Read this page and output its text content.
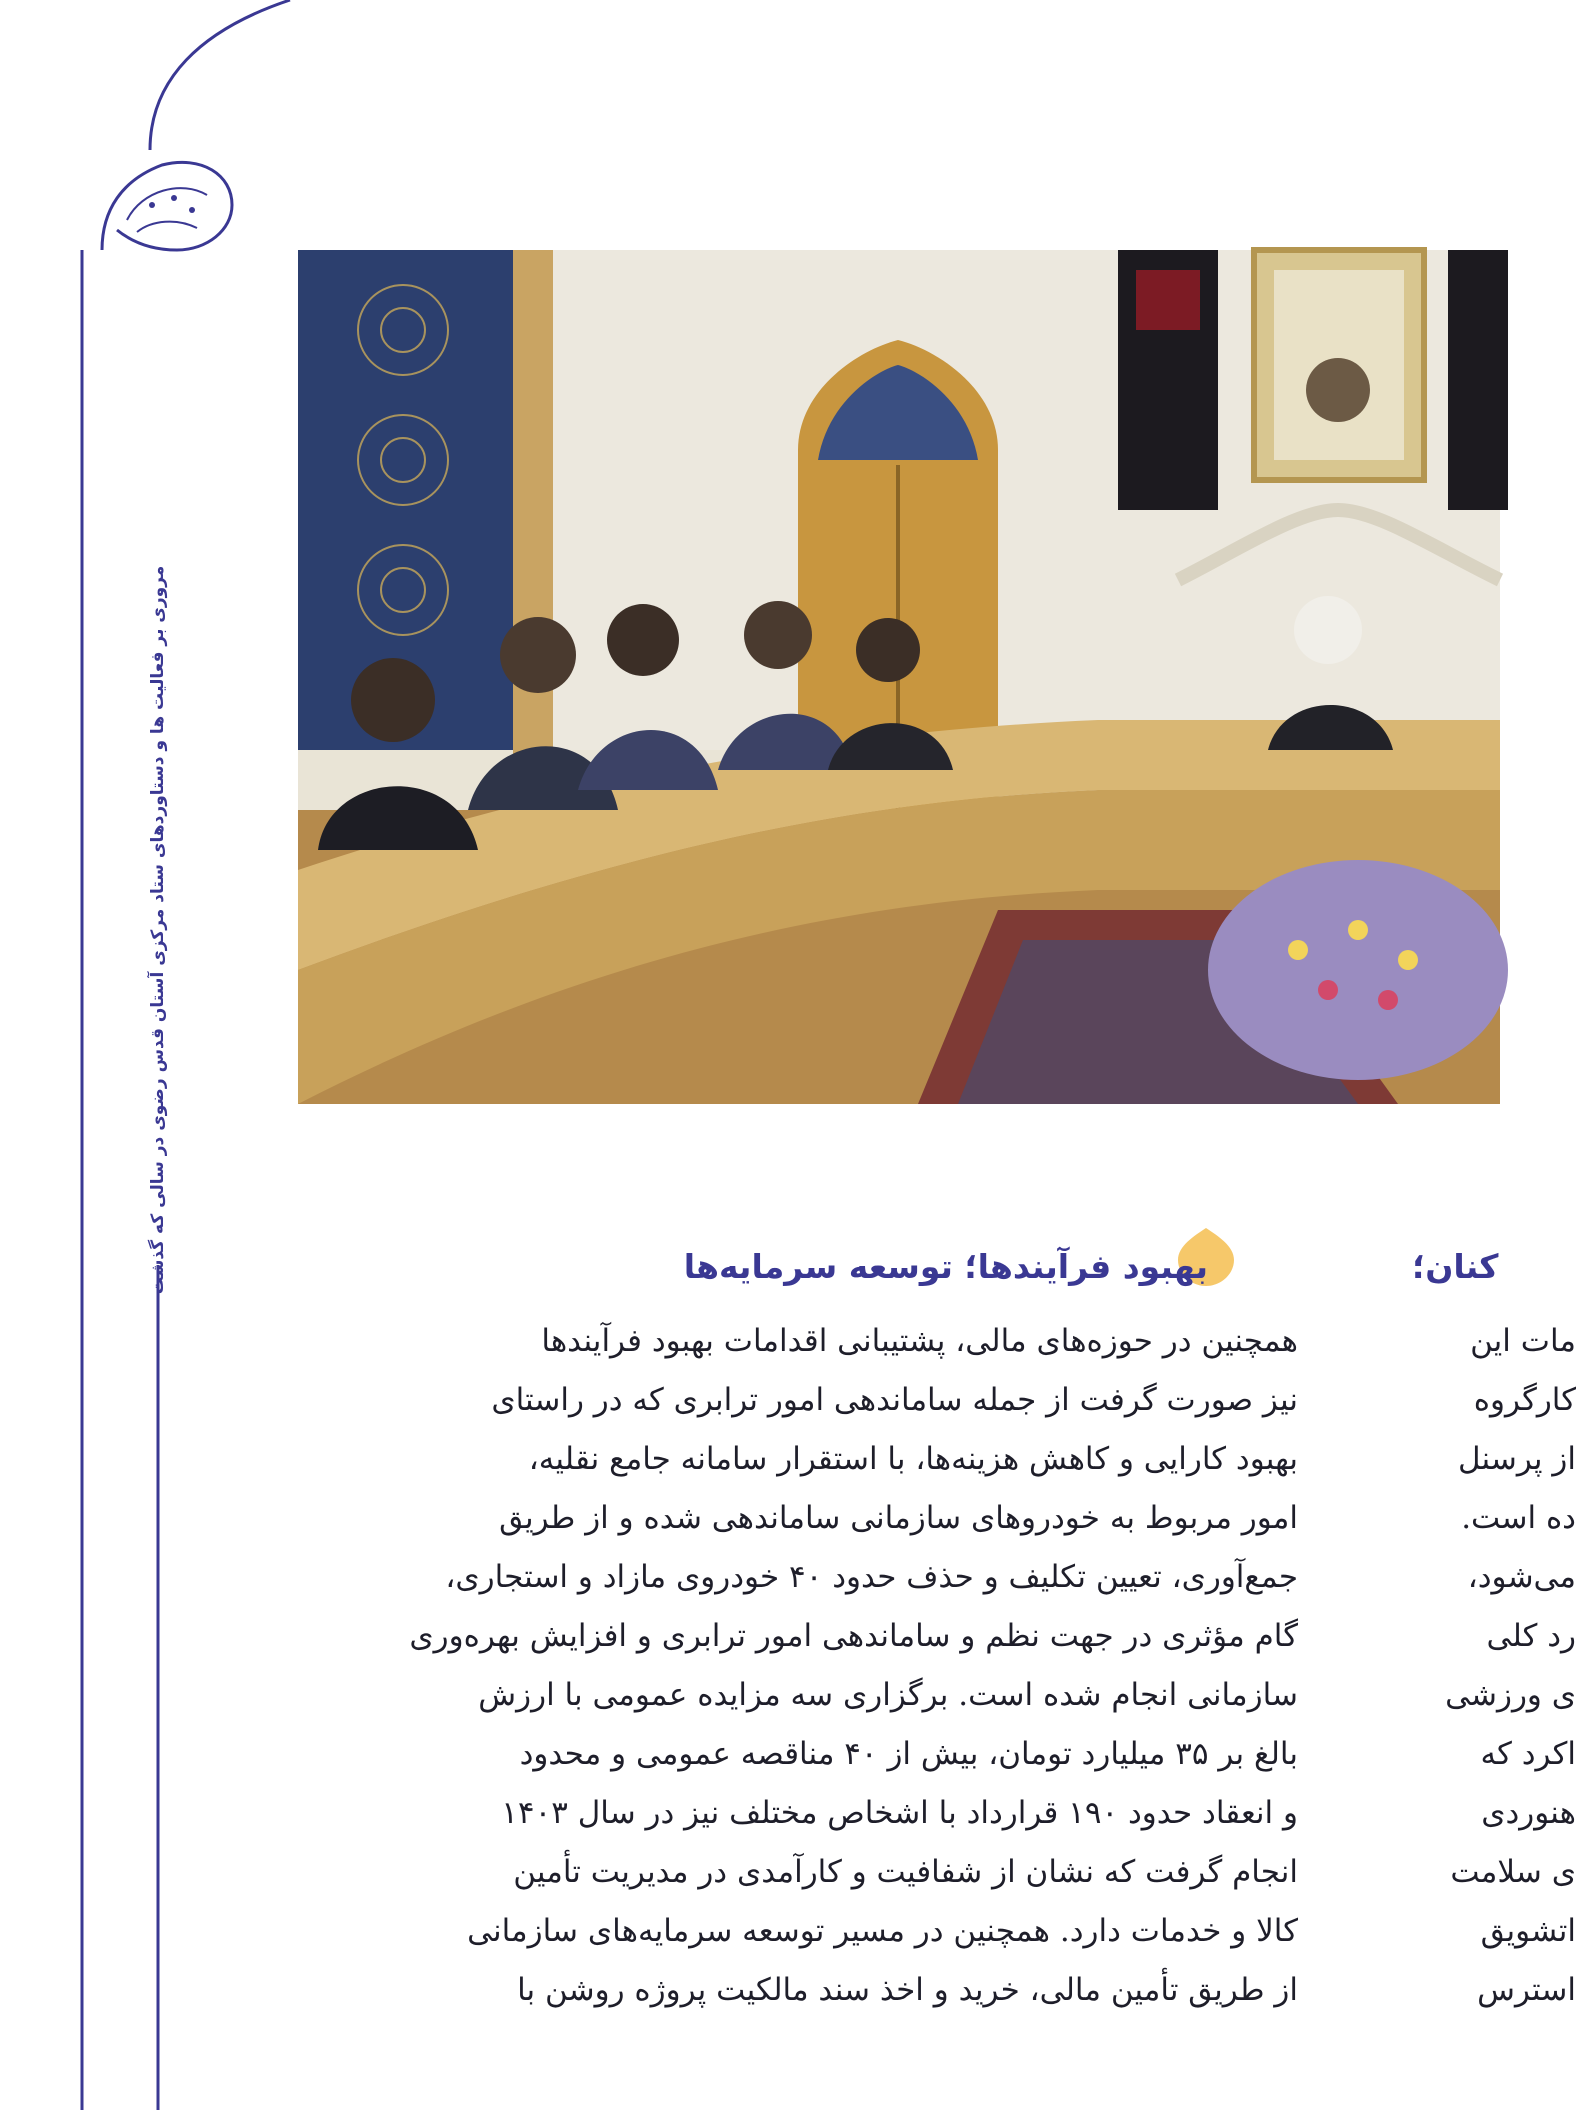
مروری بر فعالیت ها و دستاوردهای ستاد مرکزی آستان قدس رضوی در سالی که گذشت	بهبود فرآیندها؛ توسعه سرمایه‌ها	کنان؛
همچنین در حوزه‌های مالی، پشتیبانی اقدامات بهبود فرآیندها
نیز صورت گرفت از جمله ساماندهی امور ترابری که در راستای
بهبود کارایی و کاهش هزینه‌ها، با استقرار سامانه جامع نقلیه،
امور مربوط به خودروهای سازمانی ساماندهی شده و از طریق
جمع‌آوری، تعیین تکلیف و حذف حدود ۴۰ خودروی مازاد و استجاری،
گام مؤثری در جهت نظم و ساماندهی امور ترابری و افزایش بهره‌وری
سازمانی انجام شده است. برگزاری سه مزایده عمومی با ارزش
بالغ بر ۳۵ میلیارد تومان، بیش از ۴۰ مناقصه عمومی و محدود
و انعقاد حدود ۱۹۰ قرارداد با اشخاص مختلف نیز در سال ۱۴۰۳
انجام گرفت که نشان از شفافیت و کارآمدی در مدیریت تأمین
کالا و خدمات دارد. همچنین در مسیر توسعه سرمایه‌های سازمانی
از طریق تأمین مالی، خرید و اخذ سند مالکیت پروژه روشن با
مات این
کارگروه
از پرسنل
ده است.
می‌شود،
رد کلی
ی ورزشی
اکرد که
هنوردی
ی سلامت
اتشویق
استرس
